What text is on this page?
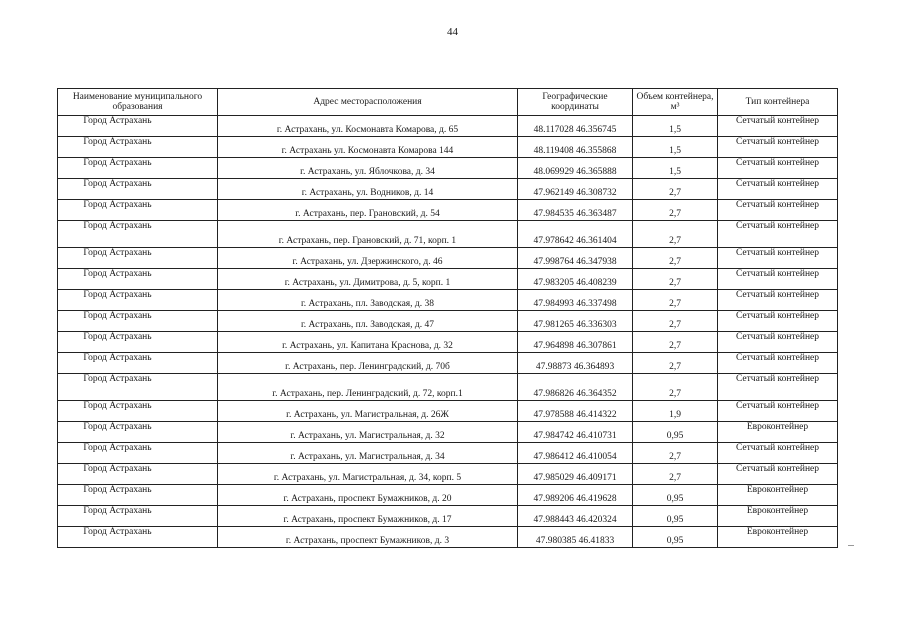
44
Наименование муниципального образования	Адрес месторасположения	Географические координаты	Объем контейнера, м³	Тип контейнера
Город Астрахань	г. Астрахань, ул. Космонавта Комарова, д. 65	48.117028 46.356745	1,5	Сетчатый контейнер
Город Астрахань	г. Астрахань ул. Космонавта Комарова 144	48.119408 46.355868	1,5	Сетчатый контейнер
Город Астрахань	г. Астрахань, ул. Яблочкова, д. 34	48.069929 46.365888	1,5	Сетчатый контейнер
Город Астрахань	г. Астрахань, ул. Водников, д. 14	47.962149 46.308732	2,7	Сетчатый контейнер
Город Астрахань	г. Астрахань, пер. Грановский, д. 54	47.984535 46.363487	2,7	Сетчатый контейнер
Город Астрахань	г. Астрахань, пер. Грановский, д. 71, корп. 1	47.978642 46.361404	2,7	Сетчатый контейнер
Город Астрахань	г. Астрахань, ул. Дзержинского, д. 46	47.998764 46.347938	2,7	Сетчатый контейнер
Город Астрахань	г. Астрахань, ул. Димитрова, д. 5, корп. 1	47.983205 46.408239	2,7	Сетчатый контейнер
Город Астрахань	г. Астрахань, пл. Заводская, д. 38	47.984993 46.337498	2,7	Сетчатый контейнер
Город Астрахань	г. Астрахань, пл. Заводская, д. 47	47.981265 46.336303	2,7	Сетчатый контейнер
Город Астрахань	г. Астрахань, ул. Капитана Краснова, д. 32	47.964898 46.307861	2,7	Сетчатый контейнер
Город Астрахань	г. Астрахань, пер. Ленинградский, д. 70б	47.98873 46.364893	2,7	Сетчатый контейнер
Город Астрахань	г. Астрахань, пер. Ленинградский, д. 72, корп.1	47.986826 46.364352	2,7	Сетчатый контейнер
Город Астрахань	г. Астрахань, ул. Магистральная, д. 26Ж	47.978588 46.414322	1,9	Сетчатый контейнер
Город Астрахань	г. Астрахань, ул. Магистральная, д. 32	47.984742 46.410731	0,95	Евроконтейнер
Город Астрахань	г. Астрахань, ул. Магистральная, д. 34	47.986412 46.410054	2,7	Сетчатый контейнер
Город Астрахань	г. Астрахань, ул. Магистральная, д. 34, корп. 5	47.985029 46.409171	2,7	Сетчатый контейнер
Город Астрахань	г. Астрахань, проспект Бумажников, д. 20	47.989206 46.419628	0,95	Евроконтейнер
Город Астрахань	г. Астрахань, проспект Бумажников, д. 17	47.988443 46.420324	0,95	Евроконтейнер
Город Астрахань	г. Астрахань, проспект Бумажников, д. 3	47.980385 46.41833	0,95	Евроконтейнер
